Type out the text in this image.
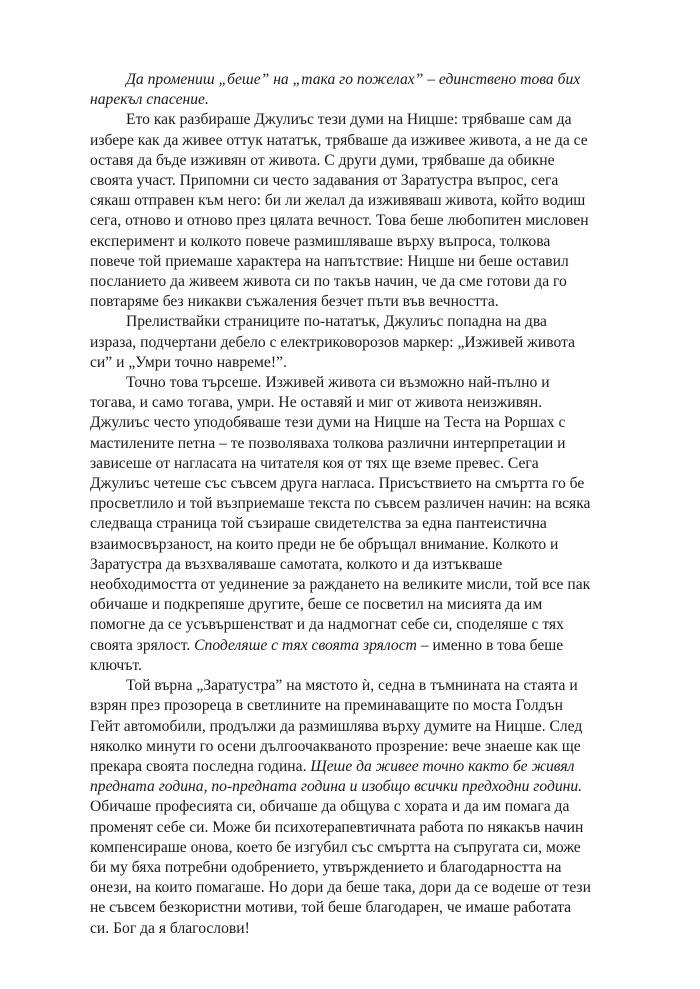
Да промениш „беше” на „така го пожелах” – единствено това бих
нарекъл спасение.

Ето как разбираше Джулиъс тези думи на Ницше: трябваше сам да
избере как да живее оттук нататък, трябваше да изживее живота, а не да се
оставя да бъде изживян от живота. С други думи, трябваше да обикне
своята участ. Припомни си често задавания от Заратустра въпрос, сега
сякаш отправен към него: би ли желал да изживяваш живота, който водиш
сега, отново и отново през цялата вечност. Това беше любопитен мисловен
експеримент и колкото повече размишляваше върху въпроса, толкова
повече той приемаше характера на напътствие: Ницше ни беше оставил
посланието да живеем живота си по такъв начин, че да сме готови да го
повтаряме без никакви съжаления безчет пъти във вечността.

Прелиствайки страниците по-нататък, Джулиъс попадна на два
израза, подчертани дебело с електриковорозов маркер: „Изживей живота
си” и „Умри точно навреме!”.

Точно това търсеше. Изживей живота си възможно най-пълно и
тогава, и само тогава, умри. Не оставяй и миг от живота неизживян.
Джулиъс често уподобяваше тези думи на Ницше на Теста на Роршах с
мастилените петна – те позволяваха толкова различни интерпретации и
зависеше от нагласата на читателя коя от тях ще вземе превес. Сега
Джулиъс четеше със съвсем друга нагласа. Присъствието на смъртта го бе
просветлило и той възприемаше текста по съвсем различен начин: на всяка
следваща страница той съзираше свидетелства за една пантеистична
взаимосвързаност, на които преди не бе обръщал внимание. Колкото и
Заратустра да възхваляваше самотата, колкото и да изтъкваше
необходимостта от уединение за раждането на великите мисли, той все пак
обичаше и подкрепяше другите, беше се посветил на мисията да им
помогне да се усъвършенстват и да надмогнат себе си, споделяше с тях
своята зрялост. Споделяше с тях своята зрялост – именно в това беше
ключът.

Той върна „Заратустра” на мястото ѝ, седна в тъмнината на стаята и
взрян през прозореца в светлините на преминаващите по моста Голдън
Гейт автомобили, продължи да размишлява върху думите на Ницше. След
няколко минути го осени дългоочакваното прозрение: вече знаеше как ще
прекара своята последна година. Щеше да живее точно както бе живял
предната година, по-предната година и изобщо всички предходни години.
Обичаше професията си, обичаше да общува с хората и да им помага да
променят себе си. Може би психотерапевтичната работа по някакъв начин
компенсираше онова, което бе изгубил със смъртта на съпругата си, може
би му бяха потребни одобрението, утвърждението и благодарността на
онези, на които помагаше. Но дори да беше така, дори да се водеше от тези
не съвсем безкористни мотиви, той беше благодарен, че имаше работата
си. Бог да я благослови!
